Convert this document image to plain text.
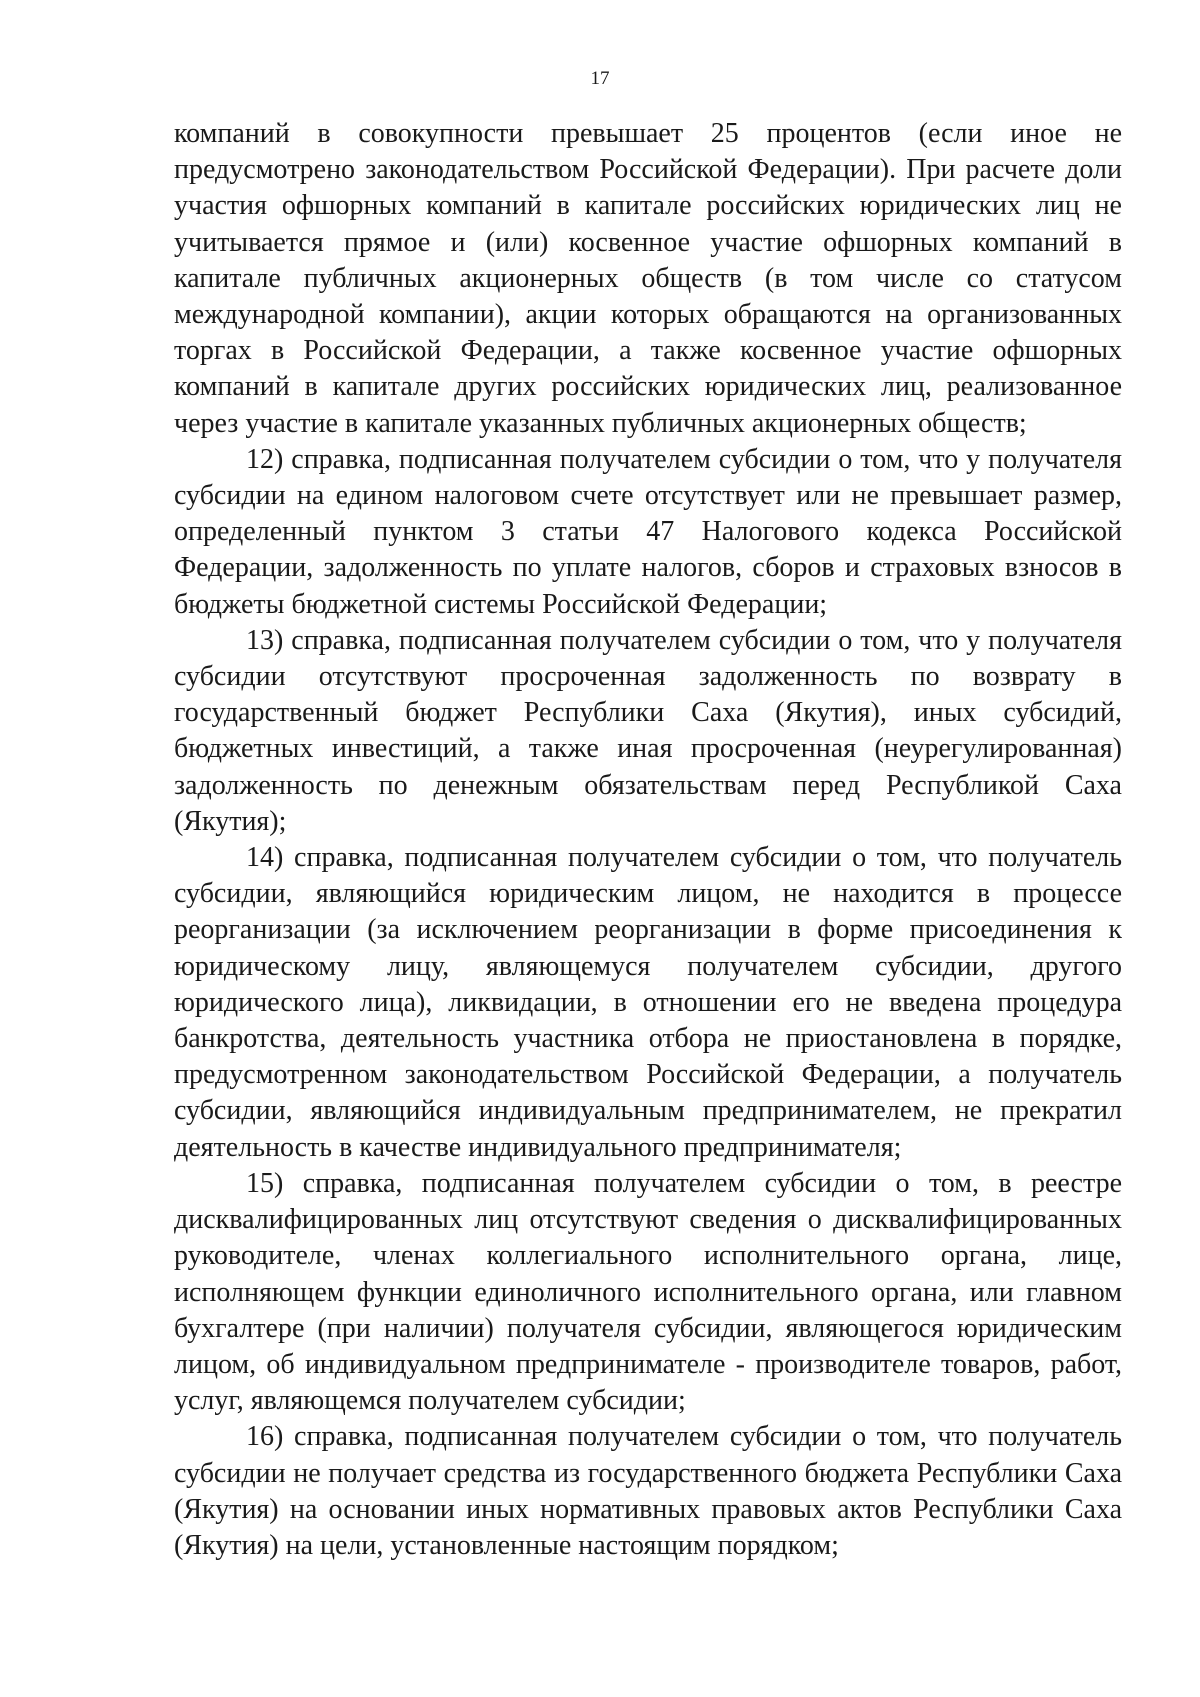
17

компаний в совокупности превышает 25 процентов (если иное не предусмотрено законодательством Российской Федерации). При расчете доли участия офшорных компаний в капитале российских юридических лиц не учитывается прямое и (или) косвенное участие офшорных компаний в капитале публичных акционерных обществ (в том числе со статусом международной компании), акции которых обращаются на организованных торгах в Российской Федерации, а также косвенное участие офшорных компаний в капитале других российских юридических лиц, реализованное через участие в капитале указанных публичных акционерных обществ;

12) справка, подписанная получателем субсидии о том, что у получателя субсидии на едином налоговом счете отсутствует или не превышает размер, определенный пунктом 3 статьи 47 Налогового кодекса Российской Федерации, задолженность по уплате налогов, сборов и страховых взносов в бюджеты бюджетной системы Российской Федерации;

13) справка, подписанная получателем субсидии о том, что у получателя субсидии отсутствуют просроченная задолженность по возврату в государственный бюджет Республики Саха (Якутия), иных субсидий, бюджетных инвестиций, а также иная просроченная (неурегулированная) задолженность по денежным обязательствам перед Республикой Саха (Якутия);

14) справка, подписанная получателем субсидии о том, что получатель субсидии, являющийся юридическим лицом, не находится в процессе реорганизации (за исключением реорганизации в форме присоединения к юридическому лицу, являющемуся получателем субсидии, другого юридического лица), ликвидации, в отношении его не введена процедура банкротства, деятельность участника отбора не приостановлена в порядке, предусмотренном законодательством Российской Федерации, а получатель субсидии, являющийся индивидуальным предпринимателем, не прекратил деятельность в качестве индивидуального предпринимателя;

15) справка, подписанная получателем субсидии о том, в реестре дисквалифицированных лиц отсутствуют сведения о дисквалифицированных руководителе, членах коллегиального исполнительного органа, лице, исполняющем функции единоличного исполнительного органа, или главном бухгалтере (при наличии) получателя субсидии, являющегося юридическим лицом, об индивидуальном предпринимателе - производителе товаров, работ, услуг, являющемся получателем субсидии;

16) справка, подписанная получателем субсидии о том, что получатель субсидии не получает средства из государственного бюджета Республики Саха (Якутия) на основании иных нормативных правовых актов Республики Саха (Якутия) на цели, установленные настоящим порядком;
